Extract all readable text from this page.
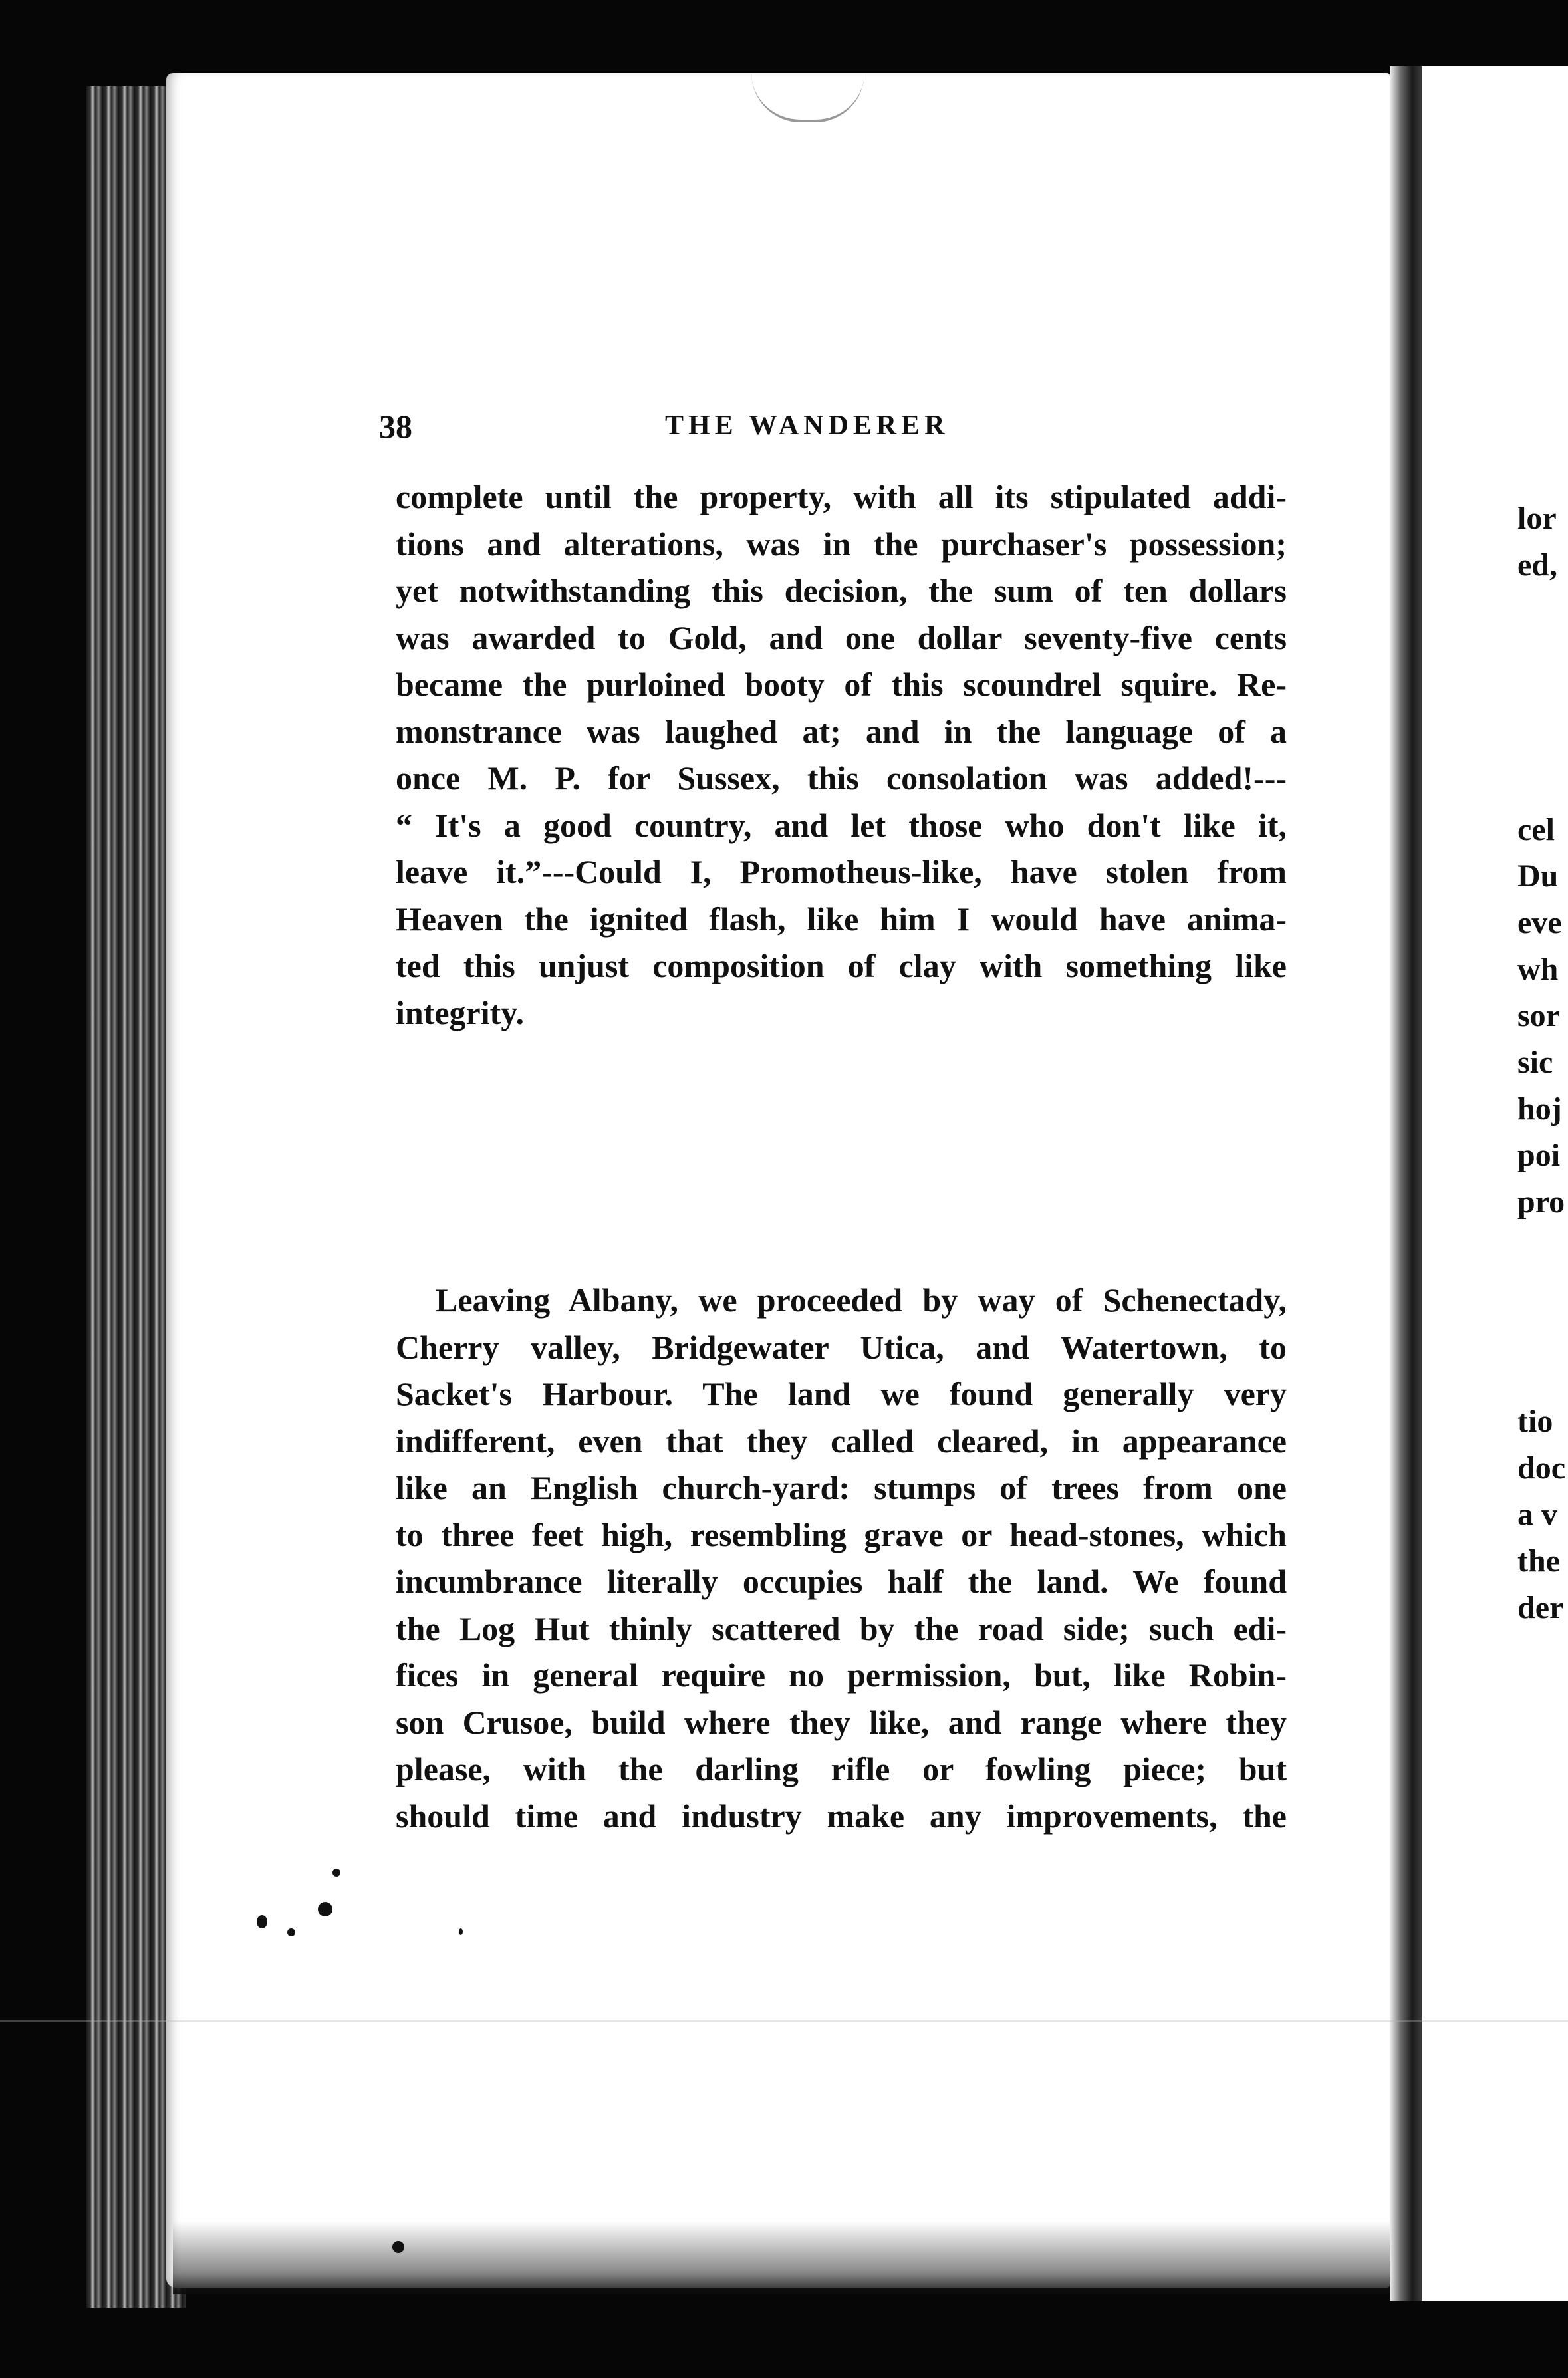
38	THE WANDERER
complete until the property, with all its stipulated addi-
tions and alterations, was in the purchaser's possession;
yet notwithstanding this decision, the sum of ten dollars
was awarded to Gold, and one dollar seventy-five cents
became the purloined booty of this scoundrel squire. Re-
monstrance was laughed at; and in the language of a
once M. P. for Sussex, this consolation was added!---
“ It's a good country, and let those who don't like it,
leave it.”---Could I, Promotheus-like, have stolen from
Heaven the ignited flash, like him I would have anima-
ted this unjust composition of clay with something like
integrity.
Leaving Albany, we proceeded by way of Schenectady,
Cherry valley, Bridgewater Utica, and Watertown, to
Sacket's Harbour. The land we found generally very
indifferent, even that they called cleared, in appearance
like an English church-yard: stumps of trees from one
to three feet high, resembling grave or head-stones, which
incumbrance literally occupies half the land. We found
the Log Hut thinly scattered by the road side; such edi-
fices in general require no permission, but, like Robin-
son Crusoe, build where they like, and range where they
please, with the darling rifle or fowling piece; but
should time and industry make any improvements, the
lor
ed,
cel
Du
eve
wh
sor
sic
hoj
poi
pro
tio
doc
a v
the
der
